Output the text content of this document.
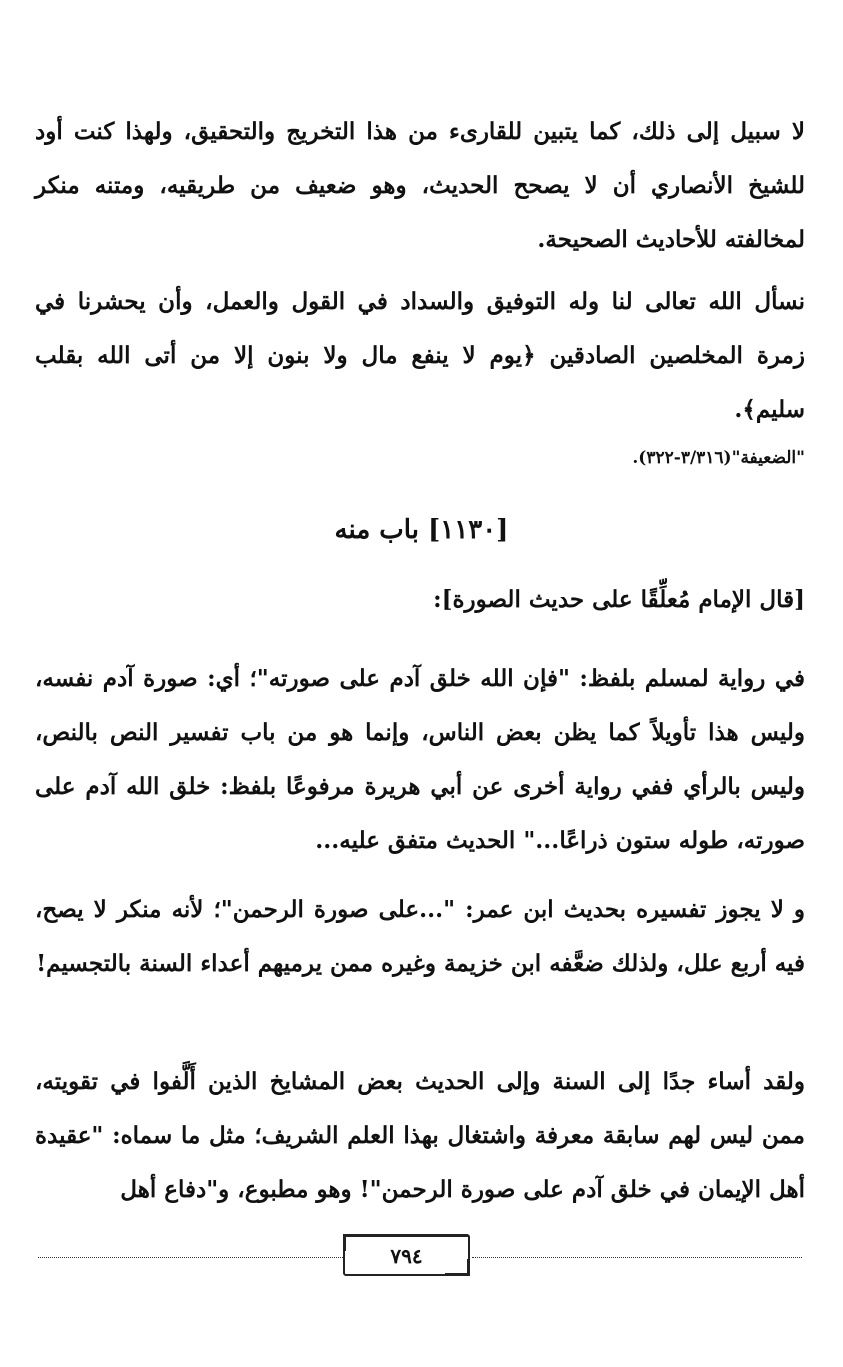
لا سبيل إلى ذلك، كما يتبين للقارىء من هذا التخريج والتحقيق، ولهذا كنت أود للشيخ الأنصاري أن لا يصحح الحديث، وهو ضعيف من طريقيه، ومتنه منكر لمخالفته للأحاديث الصحيحة.

نسأل الله تعالى لنا وله التوفيق والسداد في القول والعمل، وأن يحشرنا في زمرة المخلصين الصادقين ﴿يوم لا ينفع مال ولا بنون إلا من أتى الله بقلب سليم﴾.

"الضعيفة"(٣/٣١٦-٣٢٢).

[١١٣٠] باب منه

[قال الإمام مُعلِّقًا على حديث الصورة]:

في رواية لمسلم بلفظ: "فإن الله خلق آدم على صورته"؛ أي: صورة آدم نفسه، وليس هذا تأويلاً كما يظن بعض الناس، وإنما هو من باب تفسير النص بالنص، وليس بالرأي ففي رواية أخرى عن أبي هريرة مرفوعًا بلفظ: خلق الله آدم على صورته، طوله ستون ذراعًا..." الحديث متفق عليه...

و لا يجوز تفسيره بحديث ابن عمر: "...على صورة الرحمن"؛ لأنه منكر لا يصح، فيه أربع علل، ولذلك ضعَّفه ابن خزيمة وغيره ممن يرميهم أعداء السنة بالتجسيم!

ولقد أساء جدًا إلى السنة وإلى الحديث بعض المشايخ الذين أَلَّفوا في تقويته، ممن ليس لهم سابقة معرفة واشتغال بهذا العلم الشريف؛ مثل ما سماه: "عقيدة أهل الإيمان في خلق آدم على صورة الرحمن"! وهو مطبوع، و"دفاع أهل

٧٩٤
